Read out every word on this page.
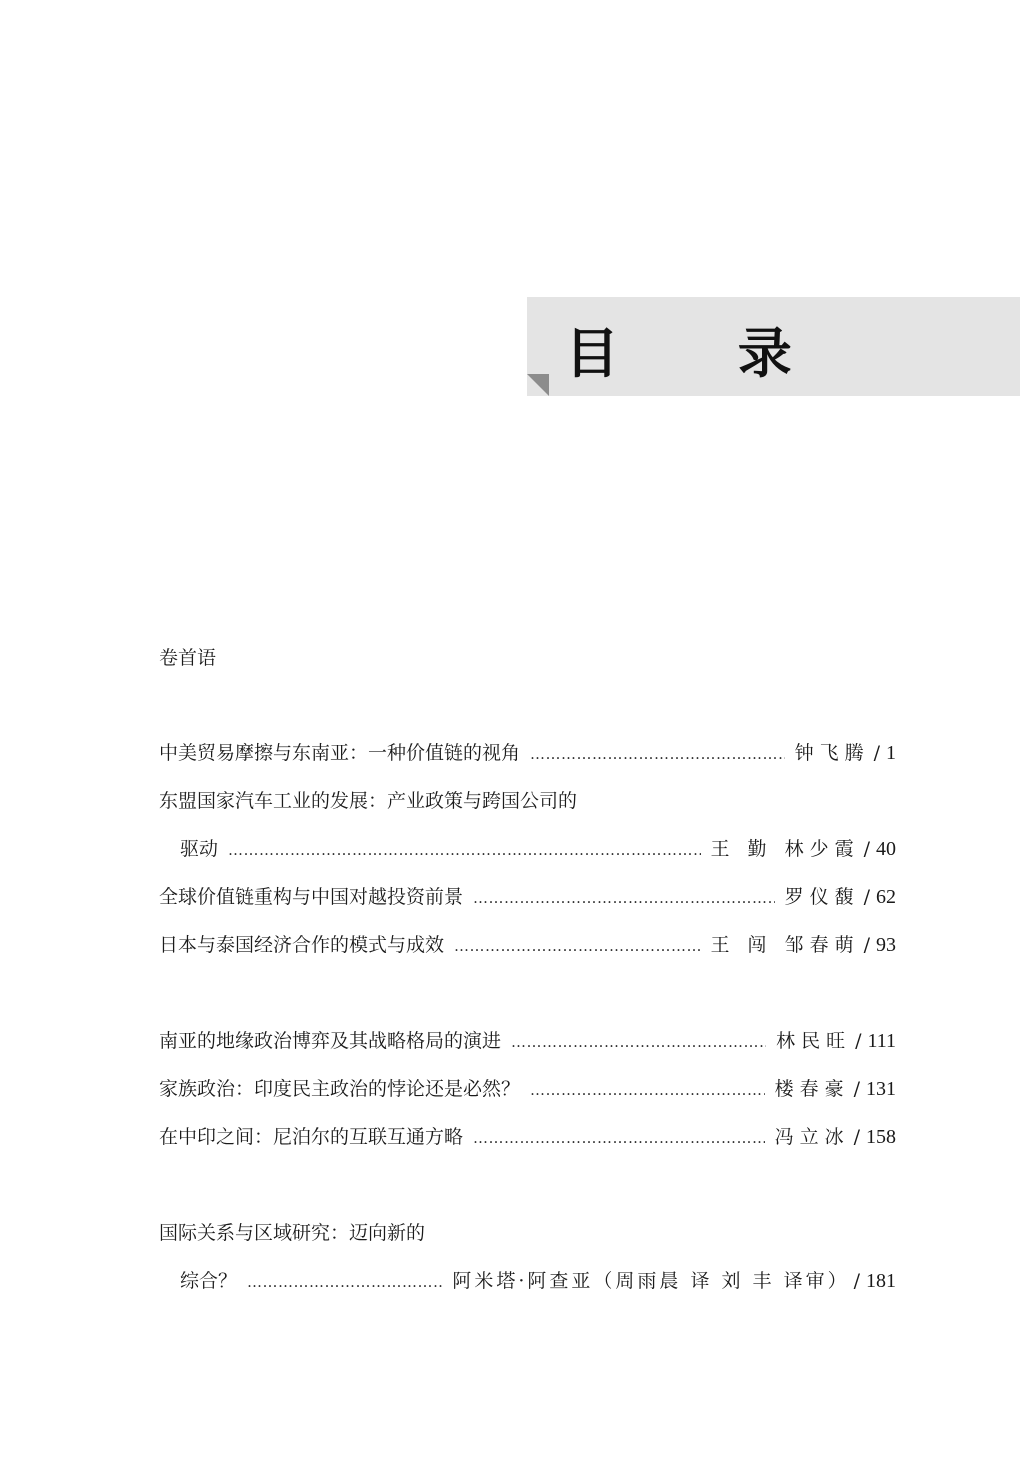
目 录
卷首语
中美贸易摩擦与东南亚：一种价值链的视角 ………………………………………………………………………………………………………………………………………………………………	钟飞腾 / 1
东盟国家汽车工业的发展：产业政策与跨国公司的
驱动 ………………………………………………………………………………………………………………………………………………………………	王 勤 林少霞 / 40
全球价值链重构与中国对越投资前景 ………………………………………………………………………………………………………………………………………………………………	罗仪馥 / 62
日本与泰国经济合作的模式与成效 ………………………………………………………………………………………………………………………………………………………………	王 闯 邹春萌 / 93
南亚的地缘政治博弈及其战略格局的演进 ………………………………………………………………………………………………………………………………………………………………	林民旺 / 111
家族政治：印度民主政治的悖论还是必然？ ………………………………………………………………………………………………………………………………………………………………	楼春豪 / 131
在中印之间：尼泊尔的互联互通方略 ………………………………………………………………………………………………………………………………………………………………	冯立冰 / 158
国际关系与区域研究：迈向新的
综合？ ………………………………………………………………………………………………………………………………………………………………	阿米塔·阿查亚（周雨晨 译 刘 丰 译审） / 181
